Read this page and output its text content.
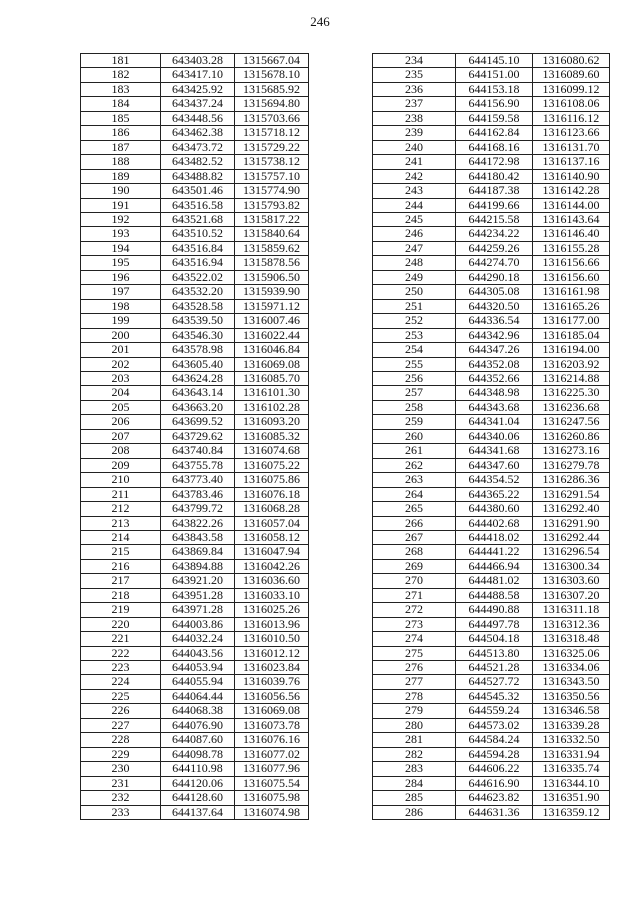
246
181	643403.28	1315667.04
182	643417.10	1315678.10
183	643425.92	1315685.92
184	643437.24	1315694.80
185	643448.56	1315703.66
186	643462.38	1315718.12
187	643473.72	1315729.22
188	643482.52	1315738.12
189	643488.82	1315757.10
190	643501.46	1315774.90
191	643516.58	1315793.82
192	643521.68	1315817.22
193	643510.52	1315840.64
194	643516.84	1315859.62
195	643516.94	1315878.56
196	643522.02	1315906.50
197	643532.20	1315939.90
198	643528.58	1315971.12
199	643539.50	1316007.46
200	643546.30	1316022.44
201	643578.98	1316046.84
202	643605.40	1316069.08
203	643624.28	1316085.70
204	643643.14	1316101.30
205	643663.20	1316102.28
206	643699.52	1316093.20
207	643729.62	1316085.32
208	643740.84	1316074.68
209	643755.78	1316075.22
210	643773.40	1316075.86
211	643783.46	1316076.18
212	643799.72	1316068.28
213	643822.26	1316057.04
214	643843.58	1316058.12
215	643869.84	1316047.94
216	643894.88	1316042.26
217	643921.20	1316036.60
218	643951.28	1316033.10
219	643971.28	1316025.26
220	644003.86	1316013.96
221	644032.24	1316010.50
222	644043.56	1316012.12
223	644053.94	1316023.84
224	644055.94	1316039.76
225	644064.44	1316056.56
226	644068.38	1316069.08
227	644076.90	1316073.78
228	644087.60	1316076.16
229	644098.78	1316077.02
230	644110.98	1316077.96
231	644120.06	1316075.54
232	644128.60	1316075.98
233	644137.64	1316074.98
234	644145.10	1316080.62
235	644151.00	1316089.60
236	644153.18	1316099.12
237	644156.90	1316108.06
238	644159.58	1316116.12
239	644162.84	1316123.66
240	644168.16	1316131.70
241	644172.98	1316137.16
242	644180.42	1316140.90
243	644187.38	1316142.28
244	644199.66	1316144.00
245	644215.58	1316143.64
246	644234.22	1316146.40
247	644259.26	1316155.28
248	644274.70	1316156.66
249	644290.18	1316156.60
250	644305.08	1316161.98
251	644320.50	1316165.26
252	644336.54	1316177.00
253	644342.96	1316185.04
254	644347.26	1316194.00
255	644352.08	1316203.92
256	644352.66	1316214.88
257	644348.98	1316225.30
258	644343.68	1316236.68
259	644341.04	1316247.56
260	644340.06	1316260.86
261	644341.68	1316273.16
262	644347.60	1316279.78
263	644354.52	1316286.36
264	644365.22	1316291.54
265	644380.60	1316292.40
266	644402.68	1316291.90
267	644418.02	1316292.44
268	644441.22	1316296.54
269	644466.94	1316300.34
270	644481.02	1316303.60
271	644488.58	1316307.20
272	644490.88	1316311.18
273	644497.78	1316312.36
274	644504.18	1316318.48
275	644513.80	1316325.06
276	644521.28	1316334.06
277	644527.72	1316343.50
278	644545.32	1316350.56
279	644559.24	1316346.58
280	644573.02	1316339.28
281	644584.24	1316332.50
282	644594.28	1316331.94
283	644606.22	1316335.74
284	644616.90	1316344.10
285	644623.82	1316351.90
286	644631.36	1316359.12
